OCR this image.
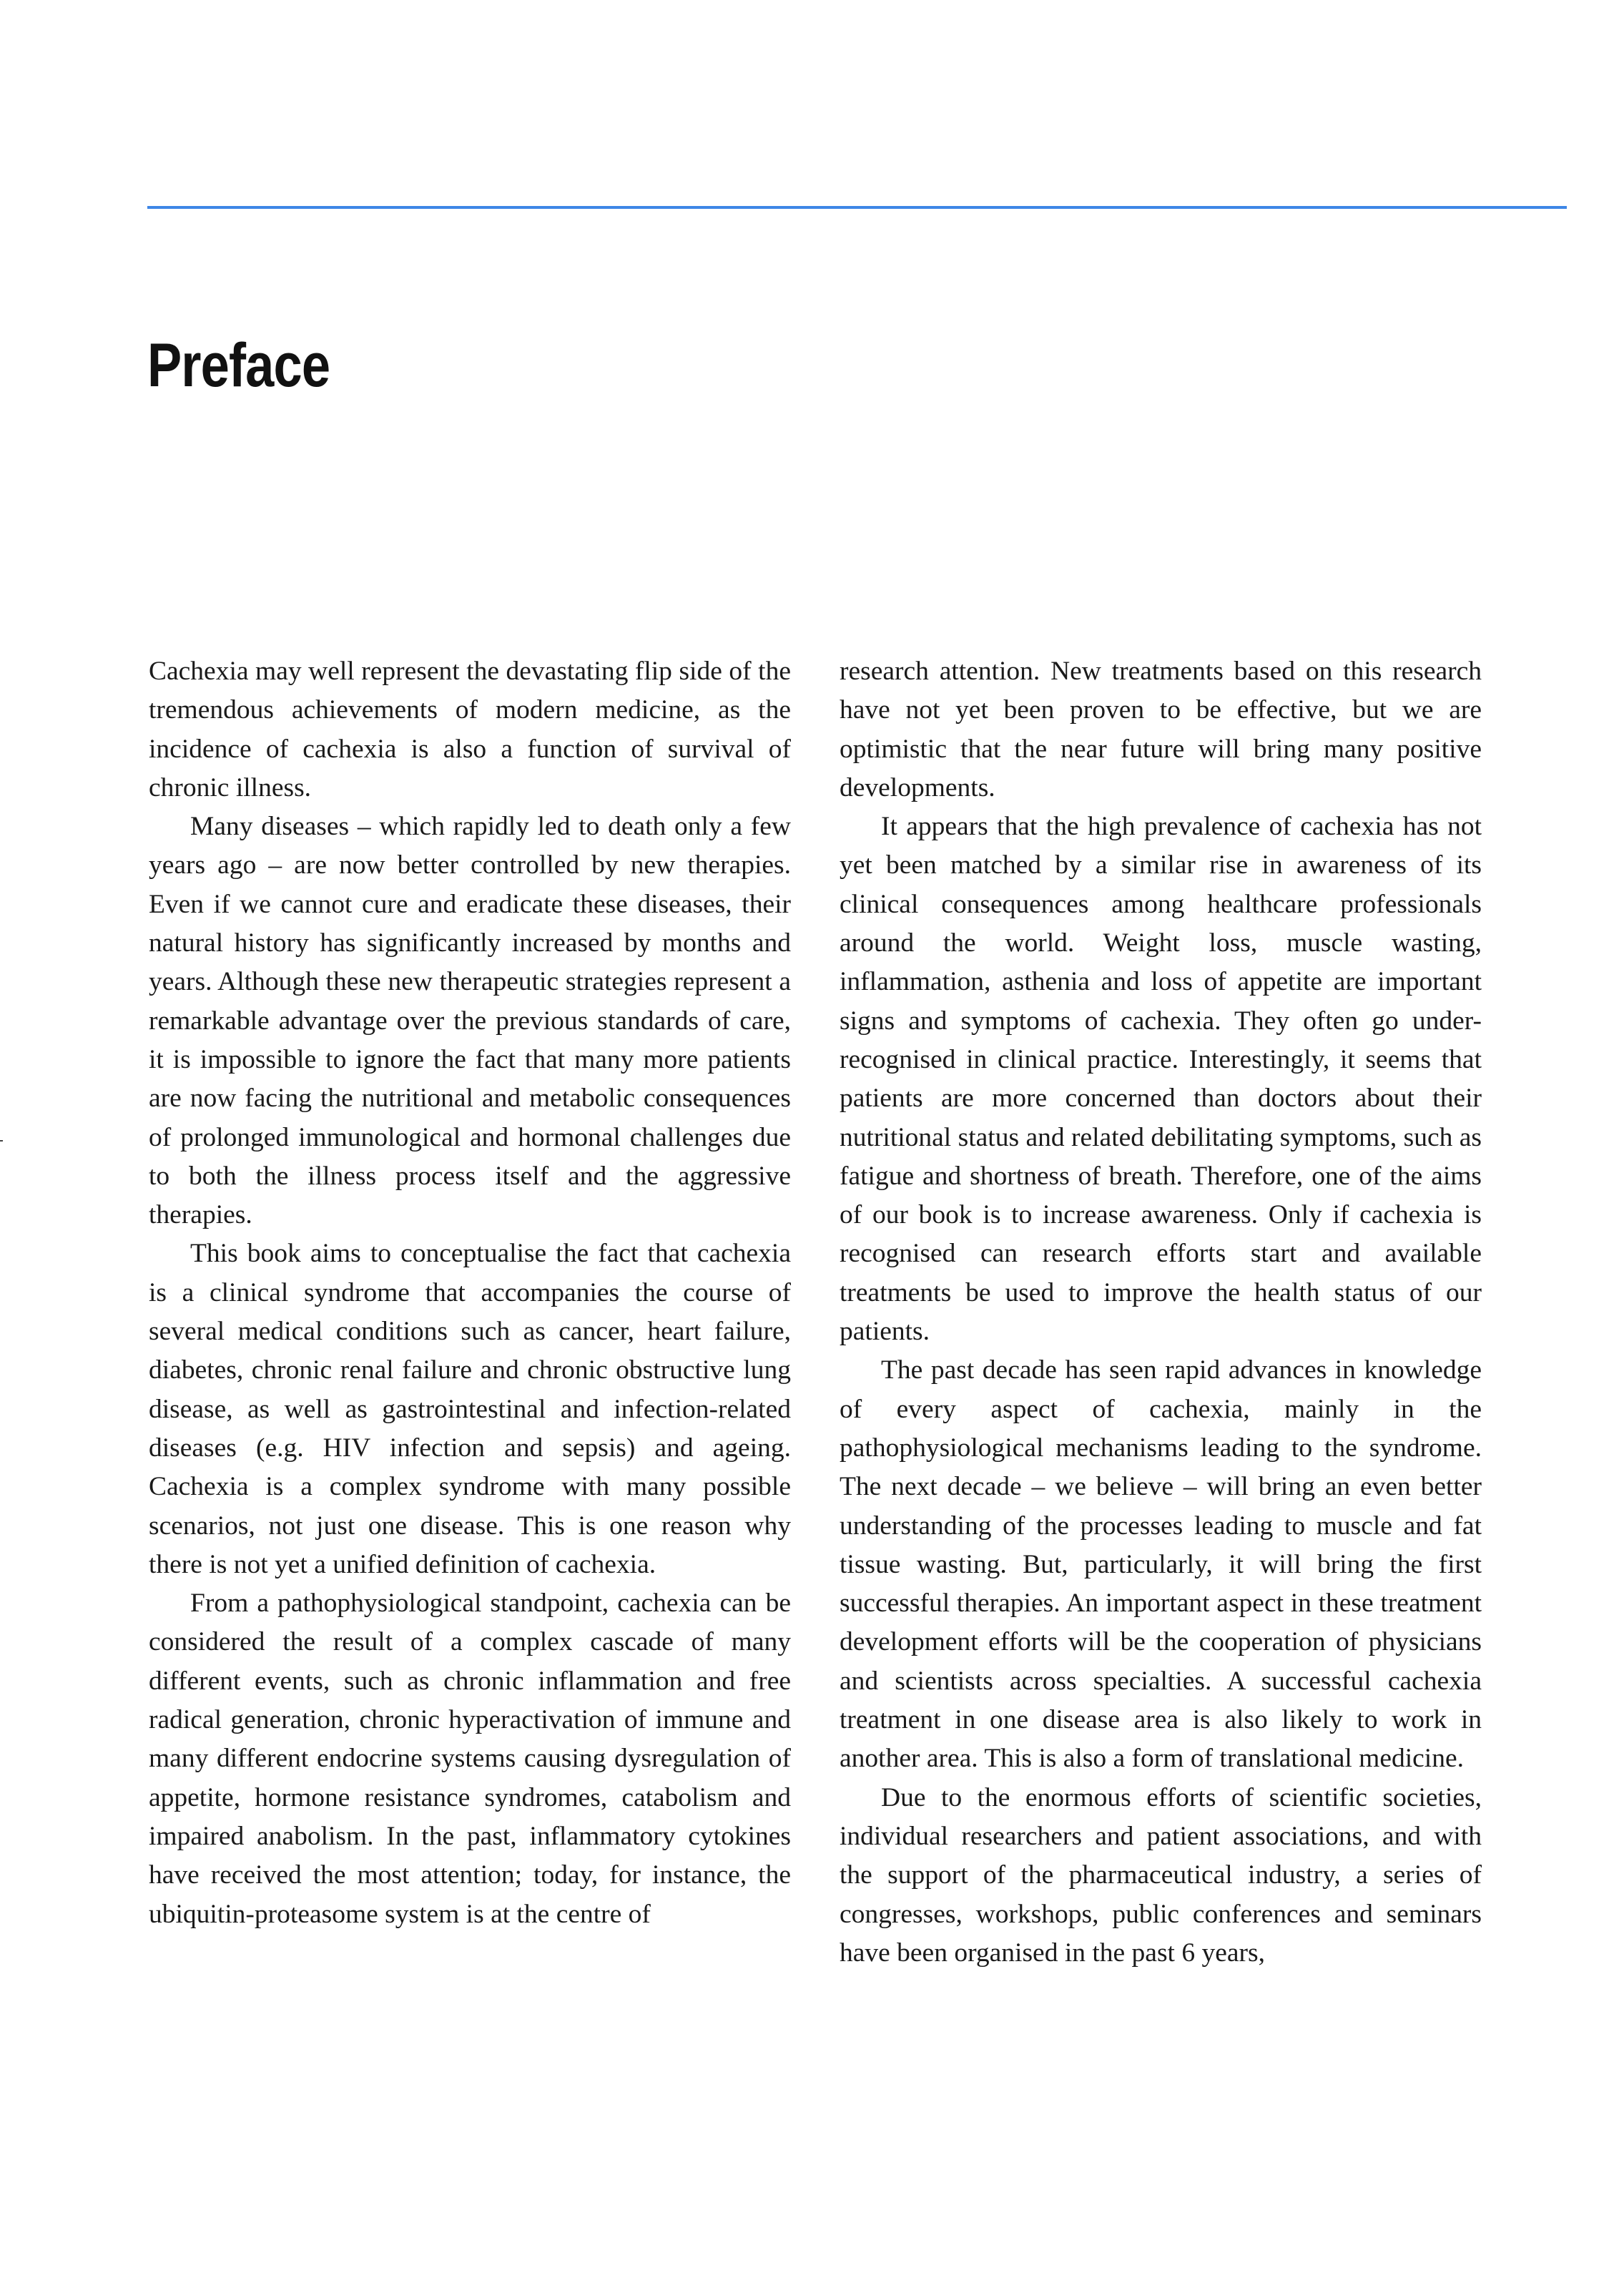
Preface

Cachexia may well represent the devastating flip side of the tremendous achievements of modern medicine, as the incidence of cachexia is also a function of survival of chronic illness.

Many diseases – which rapidly led to death only a few years ago – are now better controlled by new therapies. Even if we cannot cure and eradicate these diseases, their natural history has significantly increased by months and years. Although these new therapeutic strategies represent a remarkable advantage over the previous standards of care, it is impossible to ignore the fact that many more patients are now facing the nutritional and metabolic consequences of prolonged immunological and hormonal challenges due to both the illness process itself and the aggressive therapies.

This book aims to conceptualise the fact that cachexia is a clinical syndrome that accompanies the course of several medical conditions such as cancer, heart failure, diabetes, chronic renal failure and chronic obstructive lung disease, as well as gastrointestinal and infection-related diseases (e.g. HIV infection and sepsis) and ageing. Cachexia is a complex syndrome with many possible scenarios, not just one disease. This is one reason why there is not yet a unified definition of cachexia.

From a pathophysiological standpoint, cachexia can be considered the result of a complex cascade of many different events, such as chronic inflammation and free radical generation, chronic hyperactivation of immune and many different endocrine systems causing dysregulation of appetite, hormone resistance syndromes, catabolism and impaired anabolism. In the past, inflammatory cytokines have received the most attention; today, for instance, the ubiquitin-proteasome system is at the centre of

research attention. New treatments based on this research have not yet been proven to be effective, but we are optimistic that the near future will bring many positive developments.

It appears that the high prevalence of cachexia has not yet been matched by a similar rise in awareness of its clinical consequences among healthcare professionals around the world. Weight loss, muscle wasting, inflammation, asthenia and loss of appetite are important signs and symptoms of cachexia. They often go under-recognised in clinical practice. Interestingly, it seems that patients are more concerned than doctors about their nutritional status and related debilitating symptoms, such as fatigue and shortness of breath. Therefore, one of the aims of our book is to increase awareness. Only if cachexia is recognised can research efforts start and available treatments be used to improve the health status of our patients.

The past decade has seen rapid advances in knowledge of every aspect of cachexia, mainly in the pathophysiological mechanisms leading to the syndrome. The next decade – we believe – will bring an even better understanding of the processes leading to muscle and fat tissue wasting. But, particularly, it will bring the first successful therapies. An important aspect in these treatment development efforts will be the cooperation of physicians and scientists across specialties. A successful cachexia treatment in one disease area is also likely to work in another area. This is also a form of translational medicine.

Due to the enormous efforts of scientific societies, individual researchers and patient associations, and with the support of the pharmaceutical industry, a series of congresses, workshops, public conferences and seminars have been organised in the past 6 years,
